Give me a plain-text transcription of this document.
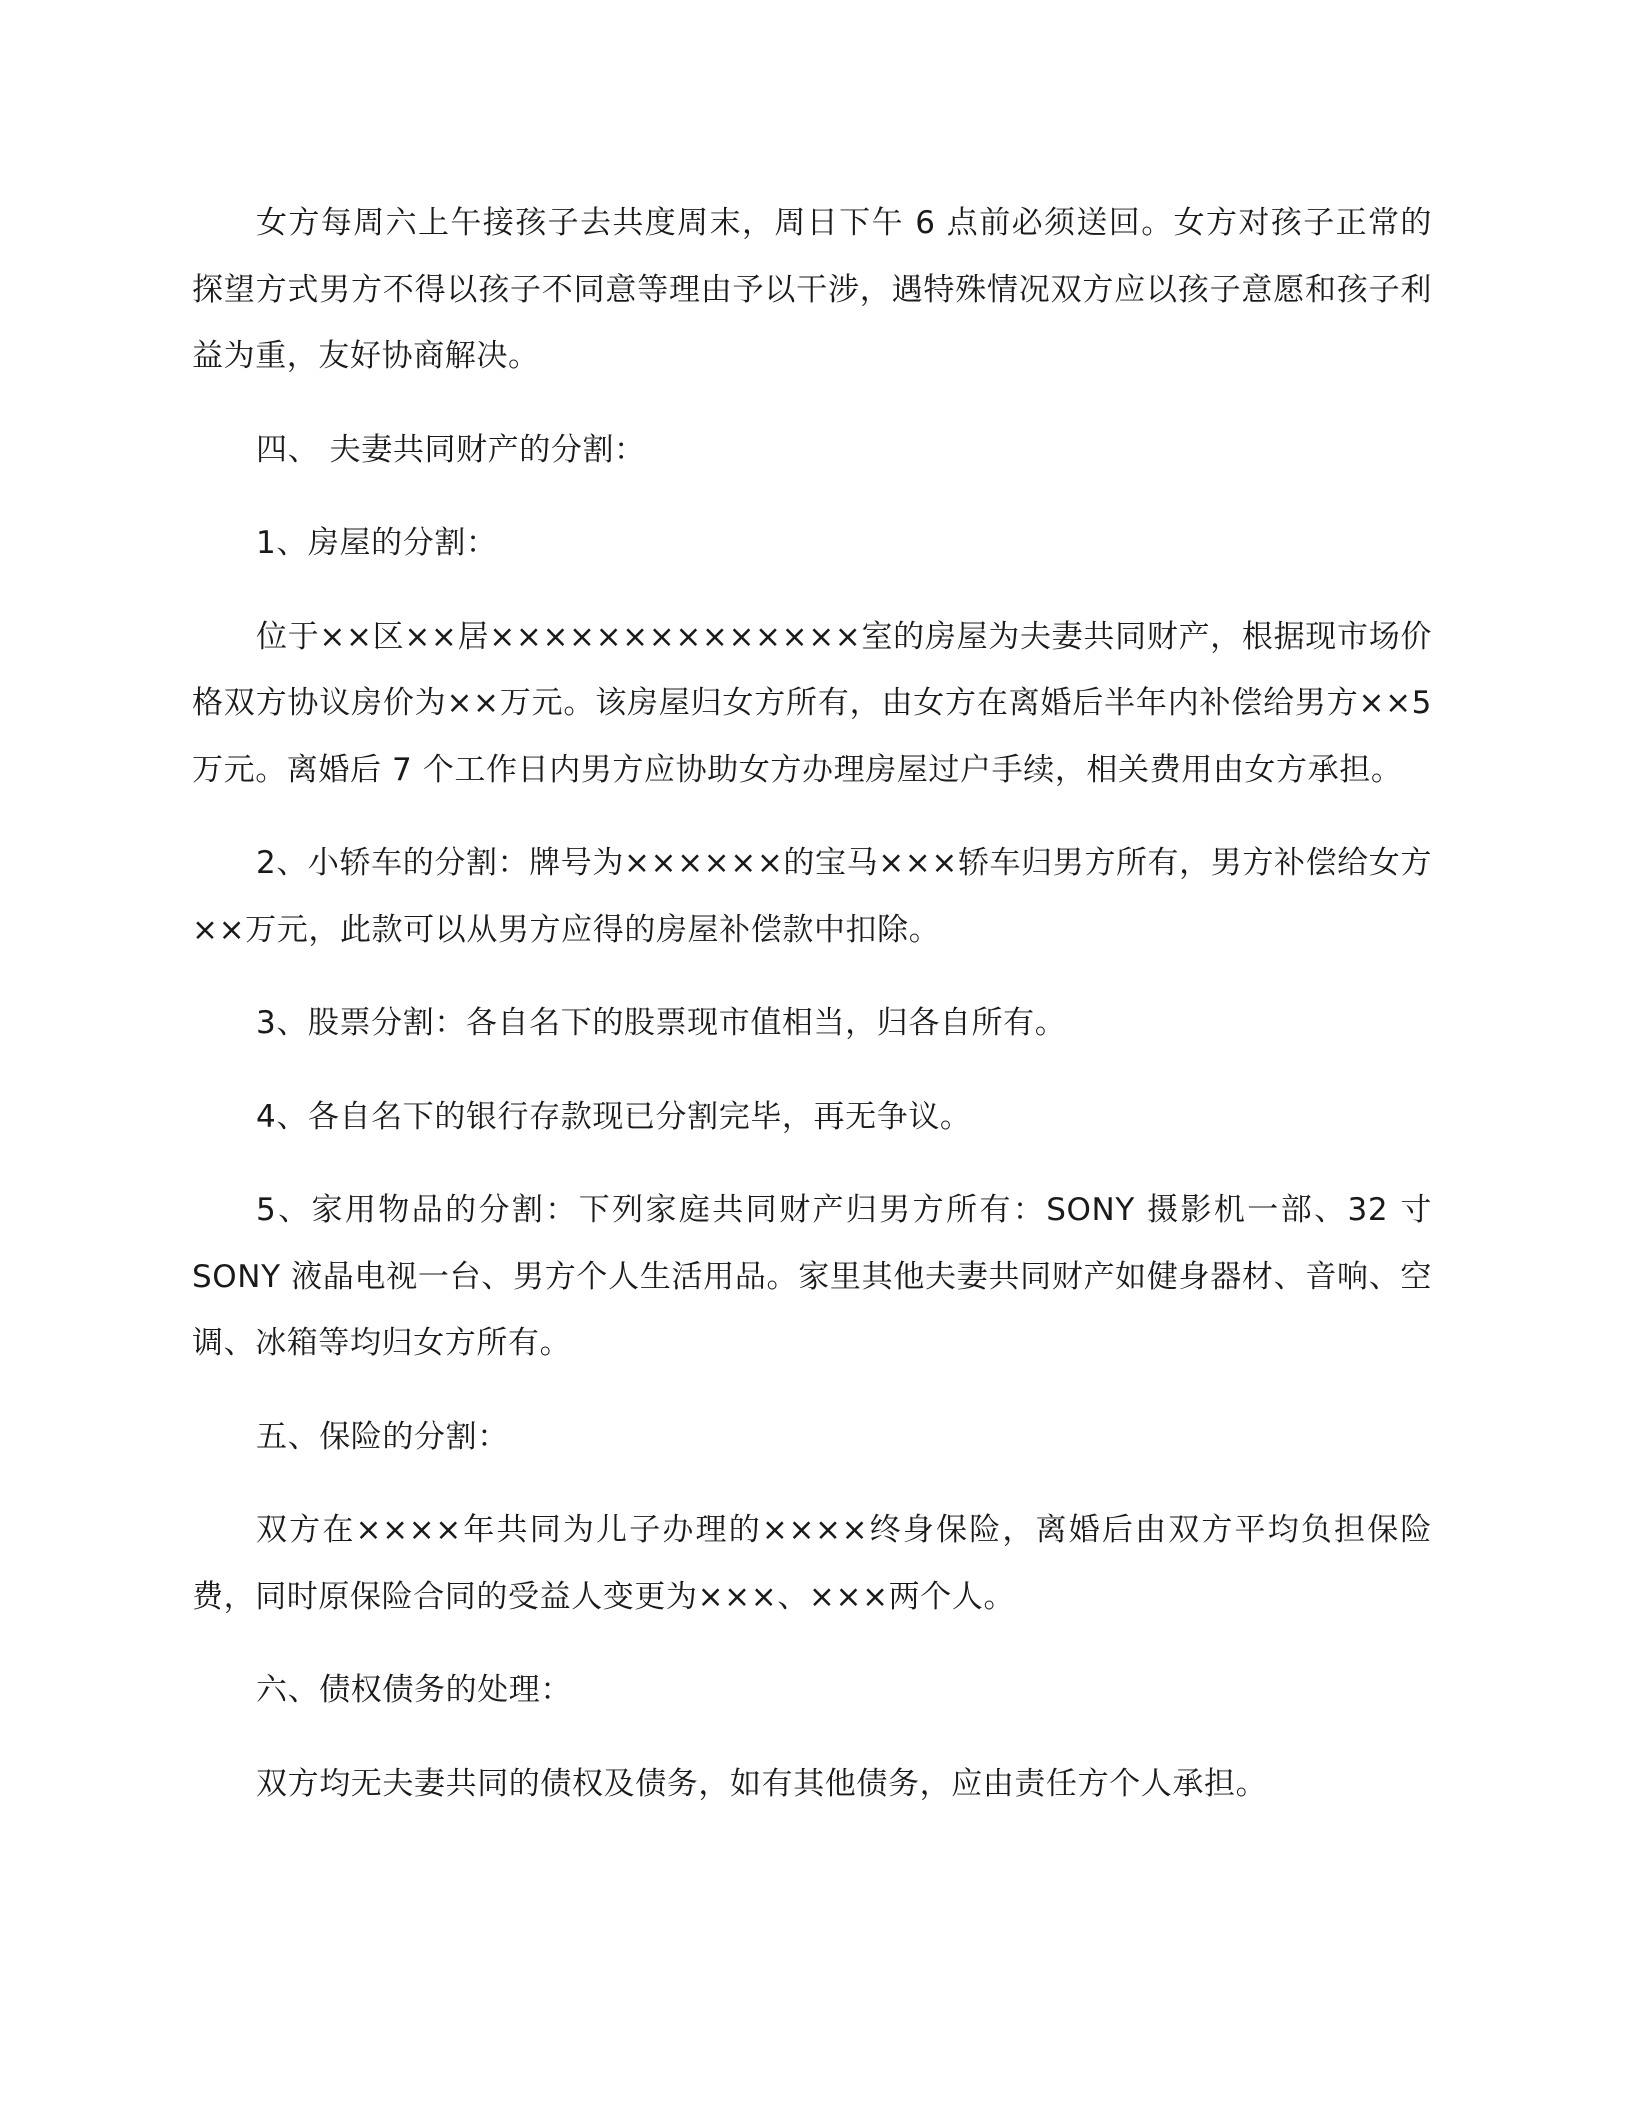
女方每周六上午接孩子去共度周末，周日下午 6 点前必须送回。女方对孩子正常的探望方式男方不得以孩子不同意等理由予以干涉，遇特殊情况双方应以孩子意愿和孩子利益为重，友好协商解决。

四、 夫妻共同财产的分割：

1、房屋的分割：

位于××区××居××××××××××××××室的房屋为夫妻共同财产，根据现市场价格双方协议房价为××万元。该房屋归女方所有，由女方在离婚后半年内补偿给男方××5 万元。离婚后 7 个工作日内男方应协助女方办理房屋过户手续，相关费用由女方承担。

2、小轿车的分割：牌号为××××××的宝马×××轿车归男方所有，男方补偿给女方××万元，此款可以从男方应得的房屋补偿款中扣除。

3、股票分割：各自名下的股票现市值相当，归各自所有。

4、各自名下的银行存款现已分割完毕，再无争议。

5、家用物品的分割：下列家庭共同财产归男方所有：SONY 摄影机一部、32 寸SONY 液晶电视一台、男方个人生活用品。家里其他夫妻共同财产如健身器材、音响、空调、冰箱等均归女方所有。

五、保险的分割：

双方在××××年共同为儿子办理的××××终身保险，离婚后由双方平均负担保险费，同时原保险合同的受益人变更为×××、×××两个人。

六、债权债务的处理：

双方均无夫妻共同的债权及债务，如有其他债务，应由责任方个人承担。
